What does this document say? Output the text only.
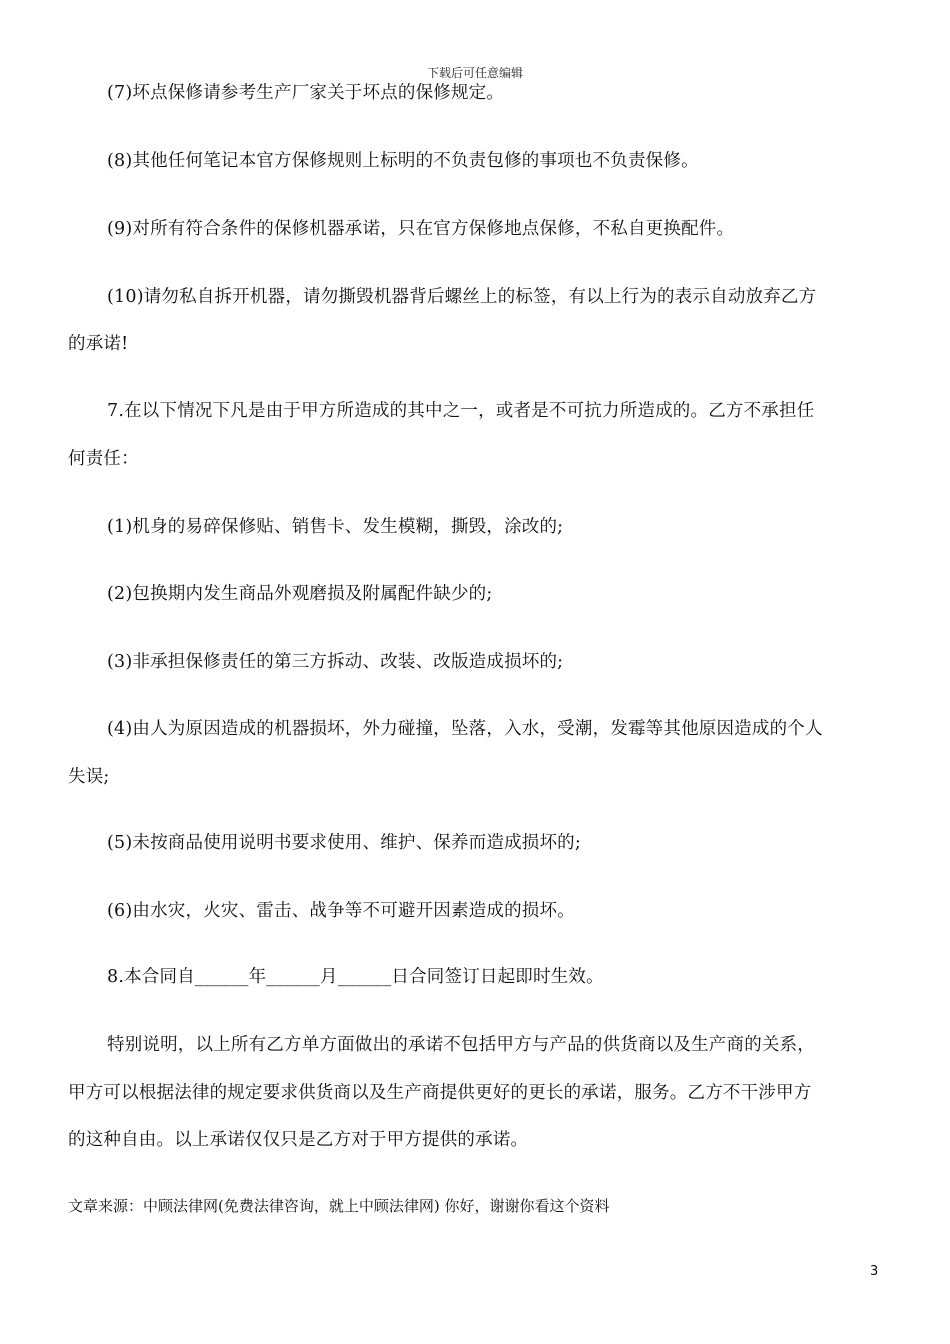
下载后可任意编辑
(7)坏点保修请参考生产厂家关于坏点的保修规定。
(8)其他任何笔记本官方保修规则上标明的不负责包修的事项也不负责保修。
(9)对所有符合条件的保修机器承诺，只在官方保修地点保修，不私自更换配件。
(10)请勿私自拆开机器，请勿撕毁机器背后螺丝上的标签，有以上行为的表示自动放弃乙方
的承诺!
7.在以下情况下凡是由于甲方所造成的其中之一，或者是不可抗力所造成的。乙方不承担任
何责任：
(1)机身的易碎保修贴、销售卡、发生模糊，撕毁，涂改的;
(2)包换期内发生商品外观磨损及附属配件缺少的;
(3)非承担保修责任的第三方拆动、改装、改版造成损坏的;
(4)由人为原因造成的机器损坏，外力碰撞，坠落，入水，受潮，发霉等其他原因造成的个人
失误;
(5)未按商品使用说明书要求使用、维护、保养而造成损坏的;
(6)由水灾，火灾、雷击、战争等不可避开因素造成的损坏。
8.本合同自______年______月______日合同签订日起即时生效。
特别说明，以上所有乙方单方面做出的承诺不包括甲方与产品的供货商以及生产商的关系，
甲方可以根据法律的规定要求供货商以及生产商提供更好的更长的承诺，服务。乙方不干涉甲方
的这种自由。以上承诺仅仅只是乙方对于甲方提供的承诺。
文章来源：中顾法律网(免费法律咨询，就上中顾法律网) 你好，谢谢你看这个资料
3
